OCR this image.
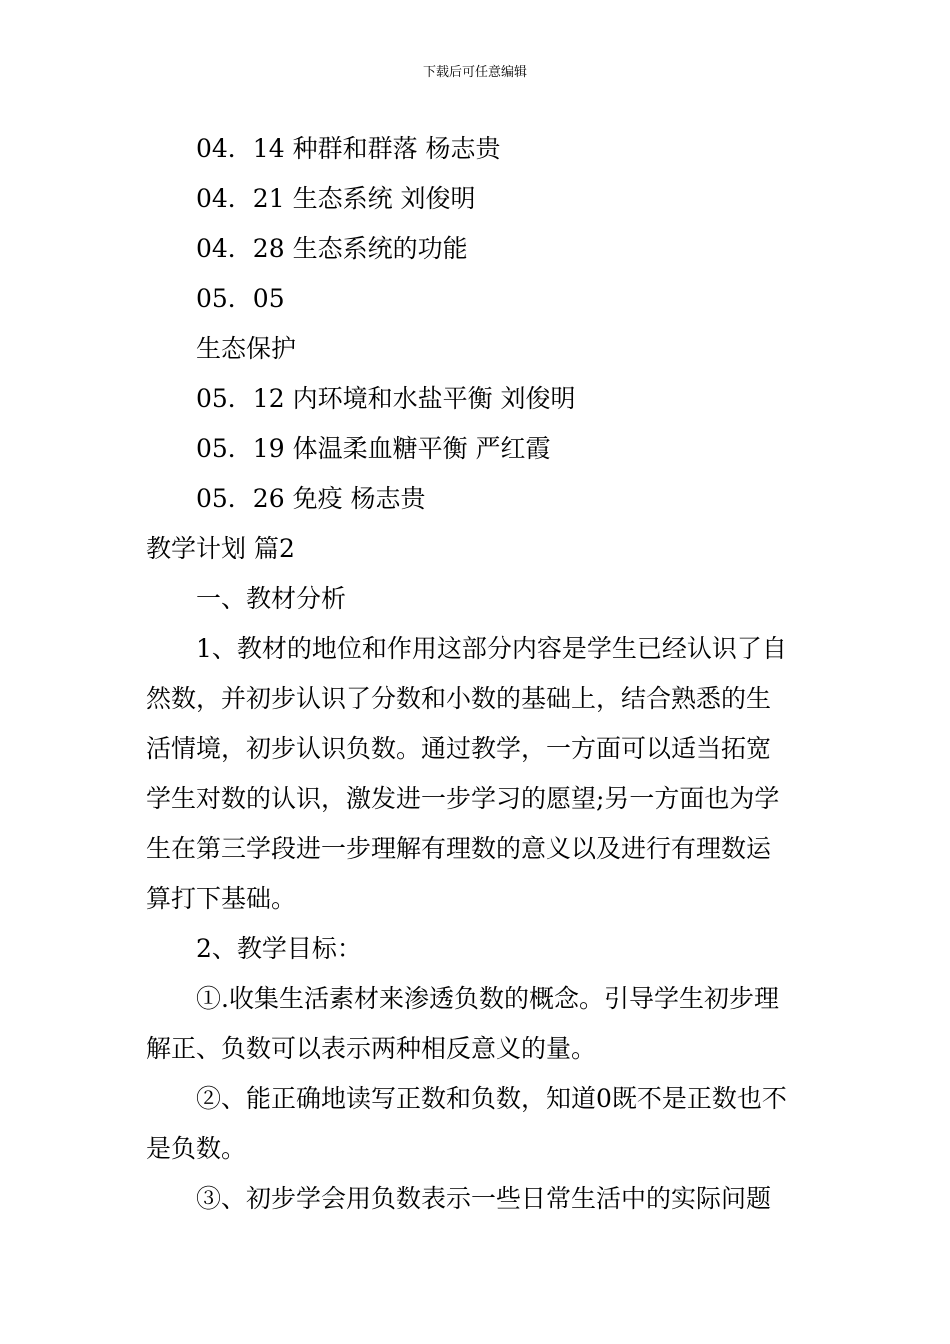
下载后可任意编辑
04．14 种群和群落 杨志贵
04．21 生态系统 刘俊明
04．28 生态系统的功能
05．05
生态保护
05．12 内环境和水盐平衡 刘俊明
05．19 体温柔血糖平衡 严红霞
05．26 免疫 杨志贵
教学计划 篇2
一、教材分析
1、教材的地位和作用这部分内容是学生已经认识了自
然数，并初步认识了分数和小数的基础上，结合熟悉的生
活情境，初步认识负数。通过教学，一方面可以适当拓宽
学生对数的认识，激发进一步学习的愿望;另一方面也为学
生在第三学段进一步理解有理数的意义以及进行有理数运
算打下基础。
2、教学目标：
①.收集生活素材来渗透负数的概念。引导学生初步理
解正、负数可以表示两种相反意义的量。
②、能正确地读写正数和负数，知道0既不是正数也不
是负数。
③、初步学会用负数表示一些日常生活中的实际问题
